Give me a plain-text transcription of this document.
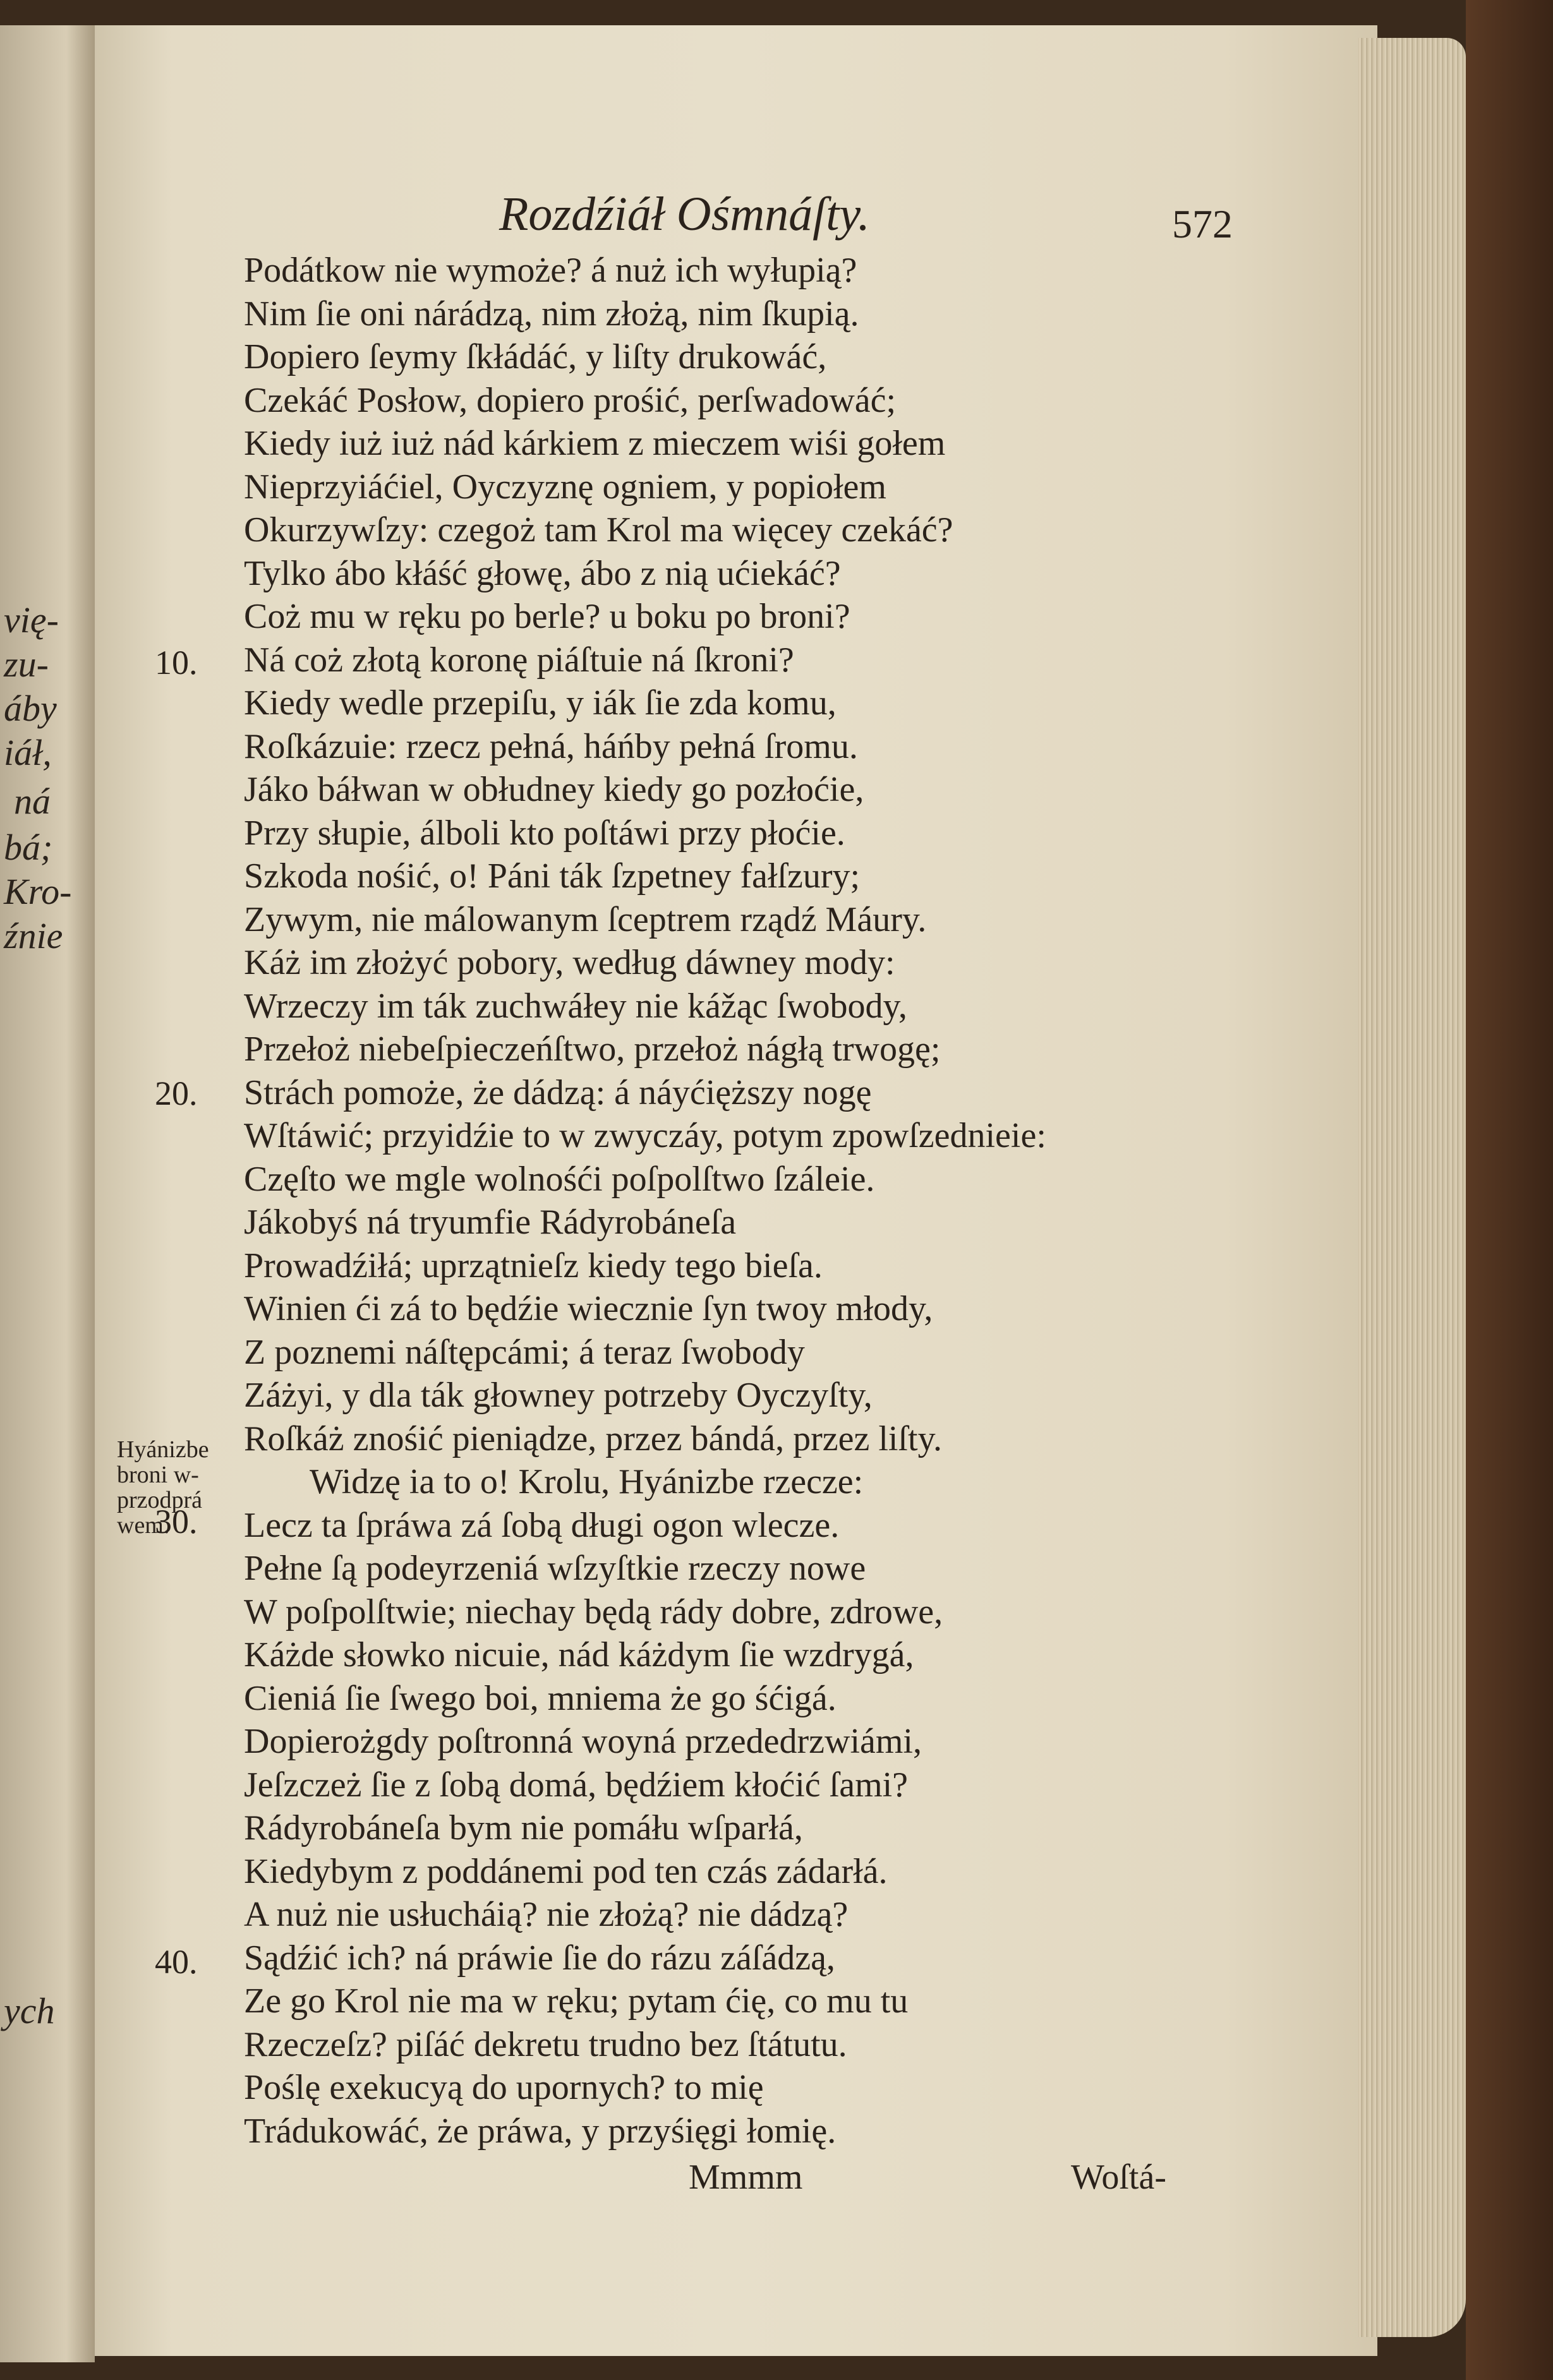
vię-
zu-
áby
iáł,
ná
bá;
Kro-
źnie
ych
Rozdźiáł Ośmnáſty.	572
10.
20.
30.
40.
Hyánizbe
broni w-
przodprá
wem.
Podátkow nie wymoże? á nuż ich wyłupią?
Nim ſie oni nárádzą, nim złożą, nim ſkupią.
Dopiero ſeymy ſkłádáć, y liſty drukowáć,
Czekáć Posłow, dopiero prośić, perſwadowáć;
Kiedy iuż iuż nád kárkiem z mieczem wiśi gołem
Nieprzyiáćiel, Oyczyznę ogniem, y popiołem
Okurzywſzy: czegoż tam Krol ma więcey czekáć?
Tylko ábo kłáść głowę, ábo z nią ućiekáć?
Coż mu w ręku po berle? u boku po broni?
Ná coż złotą koronę piáſtuie ná ſkroni?
Kiedy wedle przepiſu, y iák ſie zda komu,
Roſkázuie: rzecz pełná, háńby pełná ſromu.
Jáko báłwan w obłudney kiedy go pozłoćie,
Przy słupie, álboli kto poſtáwi przy płoćie.
Szkoda nośić, o! Páni ták ſzpetney fałſzury;
Zywym, nie málowanym ſceptrem rządź Máury.
Káż im złożyć pobory, według dáwney mody:
Wrzeczy im ták zuchwáłey nie kážąc ſwobody,
Przełoż niebeſpieczeńſtwo, przełoż nágłą trwogę;
Strách pomoże, że dádzą: á náyćięższy nogę
Wſtáwić; przyidźie to w zwyczáy, potym zpowſzednieie:
Częſto we mgle wolnośći poſpolſtwo ſzáleie.
Jákobyś ná tryumfie Rádyrobáneſa
Prowadźiłá; uprzątnieſz kiedy tego bieſa.
Winien ći zá to będźie wiecznie ſyn twoy młody,
Z poznemi náſtępcámi; á teraz ſwobody
Záżyi, y dla ták głowney potrzeby Oyczyſty,
Roſkáż znośić pieniądze, przez bándá, przez liſty.
Widzę ia to o! Krolu, Hyánizbe rzecze:
Lecz ta ſpráwa zá ſobą długi ogon wlecze.
Pełne ſą podeyrzeniá wſzyſtkie rzeczy nowe
W poſpolſtwie; niechay będą rády dobre, zdrowe,
Káżde słowko nicuie, nád káżdym ſie wzdrygá,
Cieniá ſie ſwego boi, mniema że go śćigá.
Dopierożgdy poſtronná woyná przededrzwiámi,
Jeſzczeż ſie z ſobą domá, będźiem kłoćić ſami?
Rádyrobáneſa bym nie pomáłu wſparłá,
Kiedybym z poddánemi pod ten czás zádarłá.
A nuż nie usłucháią? nie złożą? nie dádzą?
Sądźić ich? ná práwie ſie do rázu záſádzą,
Ze go Krol nie ma w ręku; pytam ćię, co mu tu
Rzeczeſz? piſáć dekretu trudno bez ſtátutu.
Poślę exekucyą do upornych? to mię
Trádukowáć, że práwa, y przyśięgi łomię.
Mmmm	Woſtá-
